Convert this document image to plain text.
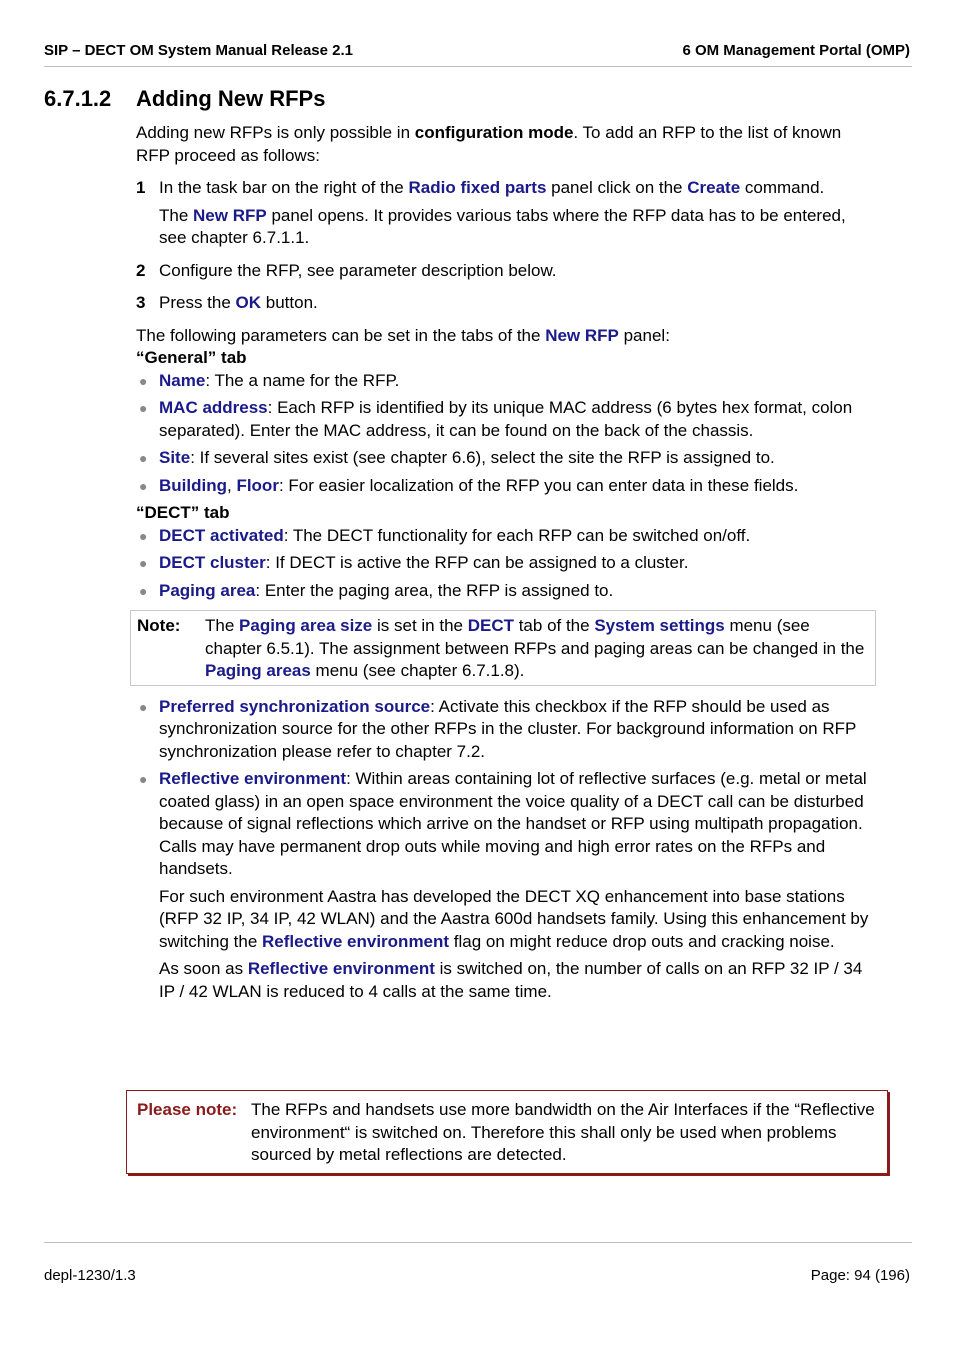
SIP – DECT OM System Manual Release 2.1	6 OM Management Portal (OMP)
6.7.1.2 Adding New RFPs

Adding new RFPs is only possible in configuration mode. To add an RFP to the list of known RFP proceed as follows:

1 In the task bar on the right of the Radio fixed parts panel click on the Create command.

The New RFP panel opens. It provides various tabs where the RFP data has to be entered, see chapter 6.7.1.1.

2 Configure the RFP, see parameter description below.

3 Press the OK button.

The following parameters can be set in the tabs of the New RFP panel:

“General” tab

● Name: The a name for the RFP.
● MAC address: Each RFP is identified by its unique MAC address (6 bytes hex format, colon separated). Enter the MAC address, it can be found on the back of the chassis.
● Site: If several sites exist (see chapter 6.6), select the site the RFP is assigned to.
● Building, Floor: For easier localization of the RFP you can enter data in these fields.

“DECT” tab

● DECT activated: The DECT functionality for each RFP can be switched on/off.
● DECT cluster: If DECT is active the RFP can be assigned to a cluster.
● Paging area: Enter the paging area, the RFP is assigned to.
Note:	The Paging area size is set in the DECT tab of the System settings menu (see chapter 6.5.1). The assignment between RFPs and paging areas can be changed in the Paging areas menu (see chapter 6.7.1.8).
● Preferred synchronization source: Activate this checkbox if the RFP should be used as synchronization source for the other RFPs in the cluster. For background information on RFP synchronization please refer to chapter 7.2.
● Reflective environment: Within areas containing lot of reflective surfaces (e.g. metal or metal coated glass) in an open space environment the voice quality of a DECT call can be disturbed because of signal reflections which arrive on the handset or RFP using multipath propagation. Calls may have permanent drop outs while moving and high error rates on the RFPs and handsets.

For such environment Aastra has developed the DECT XQ enhancement into base stations (RFP 32 IP, 34 IP, 42 WLAN) and the Aastra 600d handsets family. Using this enhancement by switching the Reflective environment flag on might reduce drop outs and cracking noise.

As soon as Reflective environment is switched on, the number of calls on an RFP 32 IP / 34 IP / 42 WLAN is reduced to 4 calls at the same time.

Please note: The RFPs and handsets use more bandwidth on the Air Interfaces if the “Reflective environment“ is switched on. Therefore this shall only be used when problems sourced by metal reflections are detected.
depl-1230/1.3	Page: 94 (196)
